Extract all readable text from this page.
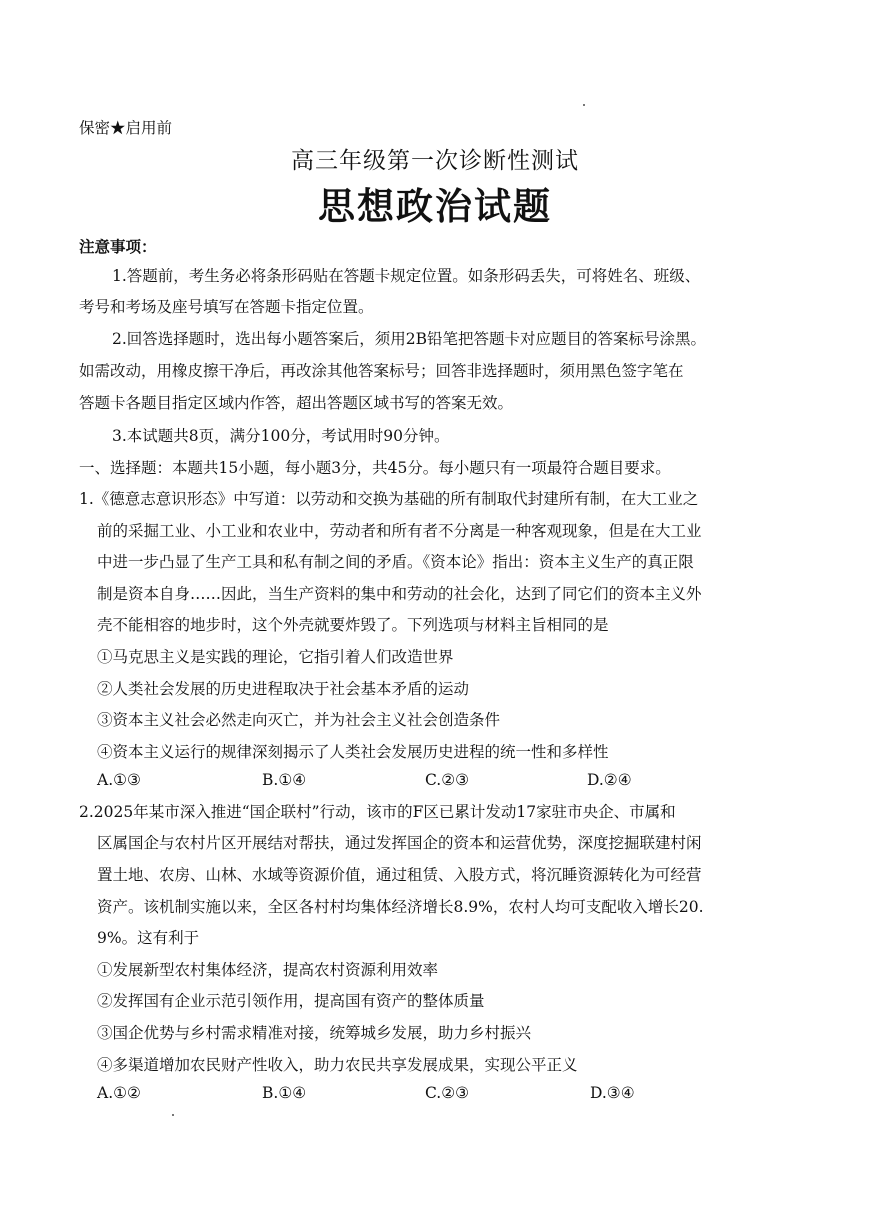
保密★启用前
高三年级第一次诊断性测试
思想政治试题
注意事项：
1.答题前，考生务必将条形码贴在答题卡规定位置。如条形码丢失，可将姓名、班级、
考号和考场及座号填写在答题卡指定位置。
2.回答选择题时，选出每小题答案后，须用2B铅笔把答题卡对应题目的答案标号涂黑。
如需改动，用橡皮擦干净后，再改涂其他答案标号；回答非选择题时，须用黑色签字笔在
答题卡各题目指定区域内作答，超出答题区域书写的答案无效。
3.本试题共8页，满分100分，考试用时90分钟。
一、选择题：本题共15小题，每小题3分，共45分。每小题只有一项最符合题目要求。
1.《德意志意识形态》中写道：以劳动和交换为基础的所有制取代封建所有制，在大工业之
前的采掘工业、小工业和农业中，劳动者和所有者不分离是一种客观现象，但是在大工业
中进一步凸显了生产工具和私有制之间的矛盾。《资本论》指出：资本主义生产的真正限
制是资本自身……因此，当生产资料的集中和劳动的社会化，达到了同它们的资本主义外
壳不能相容的地步时，这个外壳就要炸毁了。下列选项与材料主旨相同的是
①马克思主义是实践的理论，它指引着人们改造世界
②人类社会发展的历史进程取决于社会基本矛盾的运动
③资本主义社会必然走向灭亡，并为社会主义社会创造条件
④资本主义运行的规律深刻揭示了人类社会发展历史进程的统一性和多样性
A.①③	B.①④	C.②③	D.②④
2.2025年某市深入推进“国企联村”行动，该市的F区已累计发动17家驻市央企、市属和
区属国企与农村片区开展结对帮扶，通过发挥国企的资本和运营优势，深度挖掘联建村闲
置土地、农房、山林、水域等资源价值，通过租赁、入股方式，将沉睡资源转化为可经营
资产。该机制实施以来，全区各村村均集体经济增长8.9%，农村人均可支配收入增长20.
9%。这有利于
①发展新型农村集体经济，提高农村资源利用效率
②发挥国有企业示范引领作用，提高国有资产的整体质量
③国企优势与乡村需求精准对接，统筹城乡发展，助力乡村振兴
④多渠道增加农民财产性收入，助力农民共享发展成果，实现公平正义
A.①②	B.①④	C.②③	D.③④
